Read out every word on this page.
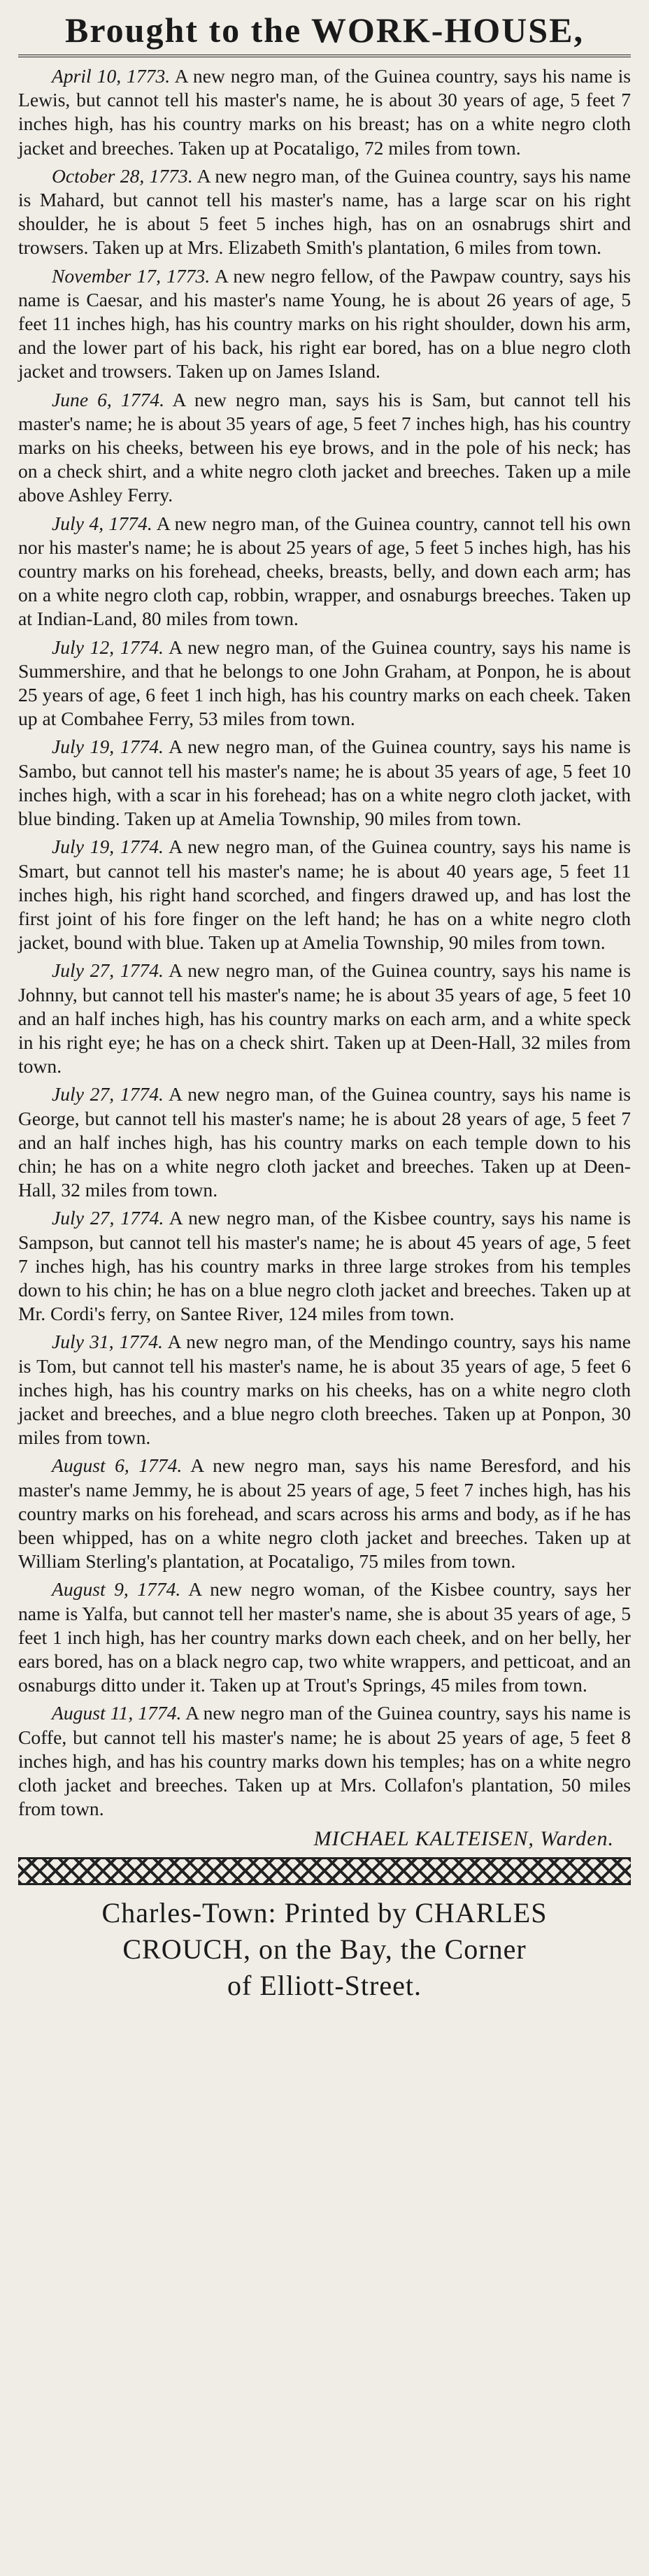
Brought to the WORK-HOUSE,

April 10, 1773. A new negro man, of the Guinea country, says his name is Lewis, but cannot tell his master's name, he is about 30 years of age, 5 feet 7 inches high, has his country marks on his breast; has on a white negro cloth jacket and breeches. Taken up at Pocataligo, 72 miles from town.

October 28, 1773. A new negro man, of the Guinea country, says his name is Mahard, but cannot tell his master's name, has a large scar on his right shoulder, he is about 5 feet 5 inches high, has on an osnabrugs shirt and trowsers. Taken up at Mrs. Elizabeth Smith's plantation, 6 miles from town.

November 17, 1773. A new negro fellow, of the Pawpaw country, says his name is Caesar, and his master's name Young, he is about 26 years of age, 5 feet 11 inches high, has his country marks on his right shoulder, down his arm, and the lower part of his back, his right ear bored, has on a blue negro cloth jacket and trowsers. Taken up on James Island.

June 6, 1774. A new negro man, says his is Sam, but cannot tell his master's name; he is about 35 years of age, 5 feet 7 inches high, has his country marks on his cheeks, between his eye brows, and in the pole of his neck; has on a check shirt, and a white negro cloth jacket and breeches. Taken up a mile above Ashley Ferry.

July 4, 1774. A new negro man, of the Guinea country, cannot tell his own nor his master's name; he is about 25 years of age, 5 feet 5 inches high, has his country marks on his forehead, cheeks, breasts, belly, and down each arm; has on a white negro cloth cap, robbin, wrapper, and osnaburgs breeches. Taken up at Indian-Land, 80 miles from town.

July 12, 1774. A new negro man, of the Guinea country, says his name is Summershire, and that he belongs to one John Graham, at Ponpon, he is about 25 years of age, 6 feet 1 inch high, has his country marks on each cheek. Taken up at Combahee Ferry, 53 miles from town.

July 19, 1774. A new negro man, of the Guinea country, says his name is Sambo, but cannot tell his master's name; he is about 35 years of age, 5 feet 10 inches high, with a scar in his forehead; has on a white negro cloth jacket, with blue binding. Taken up at Amelia Township, 90 miles from town.

July 19, 1774. A new negro man, of the Guinea country, says his name is Smart, but cannot tell his master's name; he is about 40 years age, 5 feet 11 inches high, his right hand scorched, and fingers drawed up, and has lost the first joint of his fore finger on the left hand; he has on a white negro cloth jacket, bound with blue. Taken up at Amelia Township, 90 miles from town.

July 27, 1774. A new negro man, of the Guinea country, says his name is Johnny, but cannot tell his master's name; he is about 35 years of age, 5 feet 10 and an half inches high, has his country marks on each arm, and a white speck in his right eye; he has on a check shirt. Taken up at Deen-Hall, 32 miles from town.

July 27, 1774. A new negro man, of the Guinea country, says his name is George, but cannot tell his master's name; he is about 28 years of age, 5 feet 7 and an half inches high, has his country marks on each temple down to his chin; he has on a white negro cloth jacket and breeches. Taken up at Deen-Hall, 32 miles from town.

July 27, 1774. A new negro man, of the Kisbee country, says his name is Sampson, but cannot tell his master's name; he is about 45 years of age, 5 feet 7 inches high, has his country marks in three large strokes from his temples down to his chin; he has on a blue negro cloth jacket and breeches. Taken up at Mr. Cordi's ferry, on Santee River, 124 miles from town.

July 31, 1774. A new negro man, of the Mendingo country, says his name is Tom, but cannot tell his master's name, he is about 35 years of age, 5 feet 6 inches high, has his country marks on his cheeks, has on a white negro cloth jacket and breeches, and a blue negro cloth breeches. Taken up at Ponpon, 30 miles from town.

August 6, 1774. A new negro man, says his name Beresford, and his master's name Jemmy, he is about 25 years of age, 5 feet 7 inches high, has his country marks on his forehead, and scars across his arms and body, as if he has been whipped, has on a white negro cloth jacket and breeches. Taken up at William Sterling's plantation, at Pocataligo, 75 miles from town.

August 9, 1774. A new negro woman, of the Kisbee country, says her name is Yalfa, but cannot tell her master's name, she is about 35 years of age, 5 feet 1 inch high, has her country marks down each cheek, and on her belly, her ears bored, has on a black negro cap, two white wrappers, and petticoat, and an osnaburgs ditto under it. Taken up at Trout's Springs, 45 miles from town.

August 11, 1774. A new negro man of the Guinea country, says his name is Coffe, but cannot tell his master's name; he is about 25 years of age, 5 feet 8 inches high, and has his country marks down his temples; has on a white negro cloth jacket and breeches. Taken up at Mrs. Collafon's plantation, 50 miles from town.

MICHAEL KALTEISEN, Warden.
Charles-Town: Printed by CHARLES
CROUCH, on the Bay, the Corner
of Elliott-Street.
